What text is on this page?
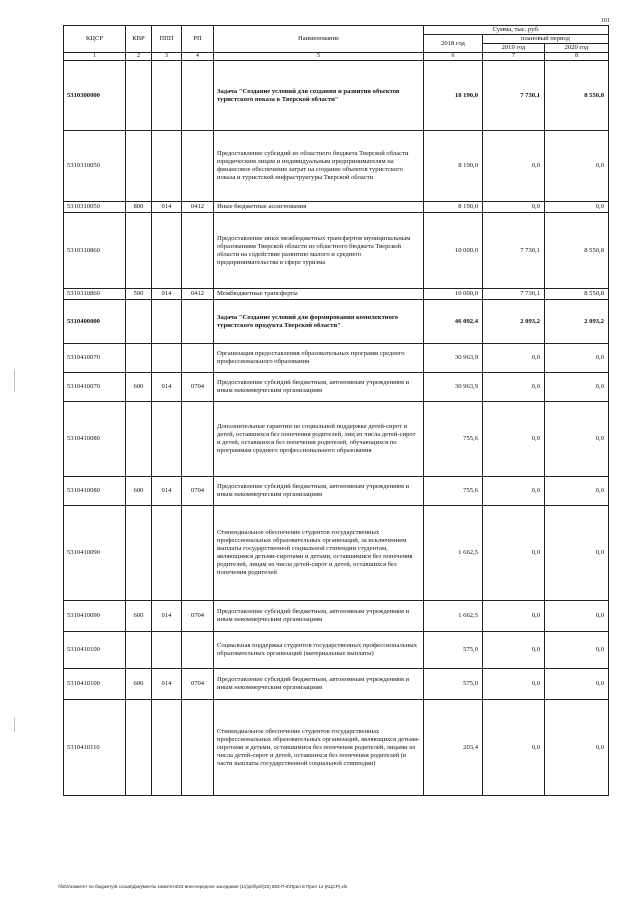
101
КЦСР	КВР	ППП	РП	Наименование	Сумма, тыс. руб.		
					2018 год	плановый период	
						2019 год	2020 год
1	2	3	4	5	6	7	8
5310300000				Задача "Создание условий для создания и развития объектов туристского показа в Тверской области"	18 190,0	7 730,1	8 550,8
5310310050				Предоставление субсидий из областного бюджета Тверской области юридическим лицам и индивидуальным предпринимателям на финансовое обеспечение затрат на создание объектов туристского показа и туристской инфраструктуры Тверской области	8 190,0	0,0	0,0
5310310050	800	014	0412	Иные бюджетные ассигнования	8 190,0	0,0	0,0
5310310860				Предоставление иных межбюджетных трансфертов муниципальным образованиям Тверской области из областного бюджета Тверской области на содействие развитию малого и среднего предпринимательства в сфере туризма	10 000,0	7 730,1	8 550,8
5310310860	500	014	0412	Межбюджетные трансферты	10 000,0	7 730,1	8 550,8
5310400000				Задача "Создание условий для формирования комплектного туристского продукта Тверской области"	46 092,4	2 093,2	2 093,2
5310410070				Организация предоставления образовательных программ среднего профессионального образования	30 963,9	0,0	0,0
5310410070	600	014	0704	Предоставление субсидий бюджетным, автономным учреждениям и иным некоммерческим организациям	30 963,9	0,0	0,0
5310410080				Дополнительные гарантии по социальной поддержке детей-сирот и детей, оставшихся без попечения родителей, лиц из числа детей-сирот и детей, оставшихся без попечения родителей, обучающихся по программам среднего профессионального образования	755,6	0,0	0,0
5310410080	600	014	0704	Предоставление субсидий бюджетным, автономным учреждениям и иным некоммерческим организациям	755,6	0,0	0,0
5310410090				Стипендиальное обеспечение студентов государственных профессиональных образовательных организаций, за исключением выплаты государственной социальной стипендии студентам, являющимся детьми-сиротами и детьми, оставшимися без попечения родителей, лицам из числа детей-сирот и детей, оставшихся без попечения родителей	1 662,5	0,0	0,0
5310410090	600	014	0704	Предоставление субсидий бюджетным, автономным учреждениям и иным некоммерческим организациям	1 662,5	0,0	0,0
5310410100				Социальная поддержка студентов государственных профессиональных образовательных организаций (материальные выплаты)	575,0	0,0	0,0
5310410100	600	014	0704	Предоставление субсидий бюджетным, автономным учреждениям и иным некоммерческим организациям	575,0	0,0	0,0
5310410110				Стипендиальное обеспечение студентов государственных профессиональных образовательных организаций, являющихся детьми-сиротами и детьми, оставшимися без попечения родителей, лицами из числа детей-сирот и детей, оставшихся без попечения родителей (в части выплаты государственной социальной стипендии)	203,4	0,0	0,0
\\fs01\комитет по бюджету\6 созыв\Документы комитета\33 внеочередное заседание (11)\pril\pril(33) 653-П-6\Прил 8 Прил 14 (КЦСР).xls
